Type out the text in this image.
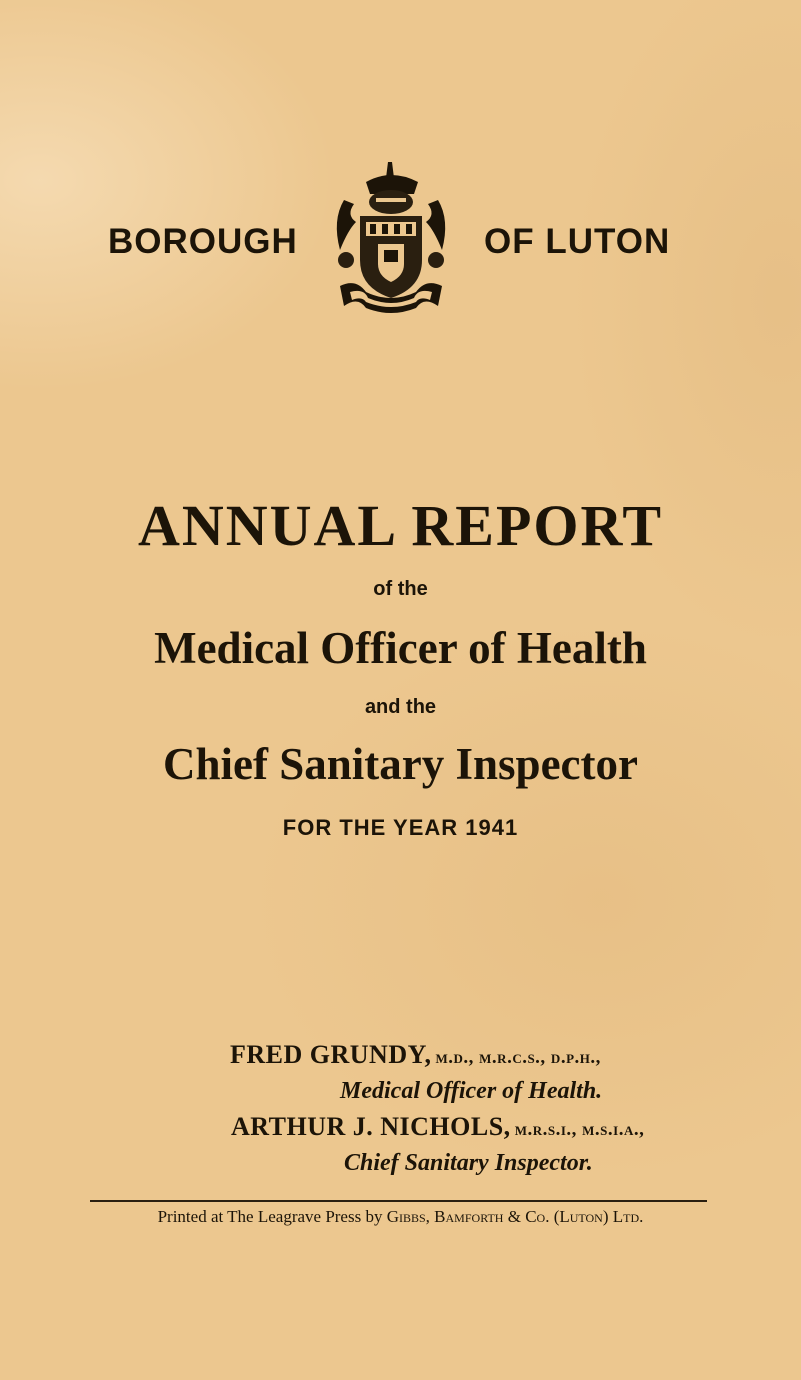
BOROUGH	OF LUTON
ANNUAL REPORT
of the
Medical Officer of Health
and the
Chief Sanitary Inspector
FOR THE YEAR 1941
FRED GRUNDY, m.d., m.r.c.s., d.p.h.,
Medical Officer of Health.
ARTHUR J. NICHOLS, m.r.s.i., m.s.i.a.,
Chief Sanitary Inspector.
Printed at The Leagrave Press by Gibbs, Bamforth & Co. (Luton) Ltd.
